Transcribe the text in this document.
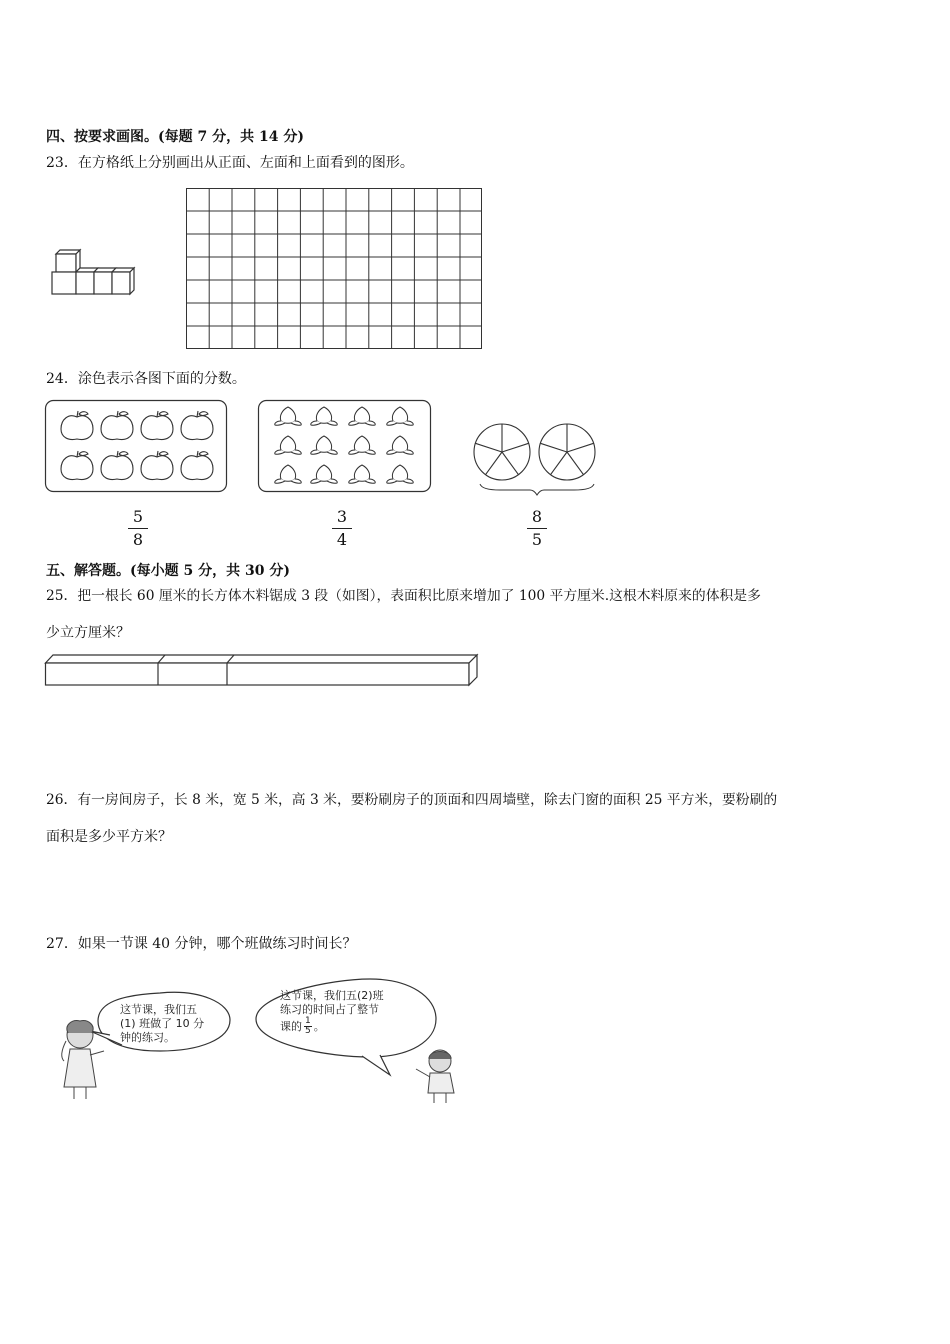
四、按要求画图。(每题 7 分，共 14 分)
23．在方格纸上分别画出从正面、左面和上面看到的图形。
24．涂色表示各图下面的分数。
5
8
3
4
8
5
五、解答题。(每小题 5 分，共 30 分)
25．把一根长 60 厘米的长方体木料锯成 3 段（如图），表面积比原来增加了 100 平方厘米.这根木料原来的体积是多
少立方厘米？
26．有一房间房子，长 8 米，宽 5 米，高 3 米，要粉刷房子的顶面和四周墙壁，除去门窗的面积 25 平方米，要粉刷的
面积是多少平方米？
27．如果一节课 40 分钟，哪个班做练习时间长？
这节课，我们五
(1) 班做了 10 分
钟的练习。
这节课，我们五(2)班
练习的时间占了整节
课的 $\frac{1}{5}$ 。
